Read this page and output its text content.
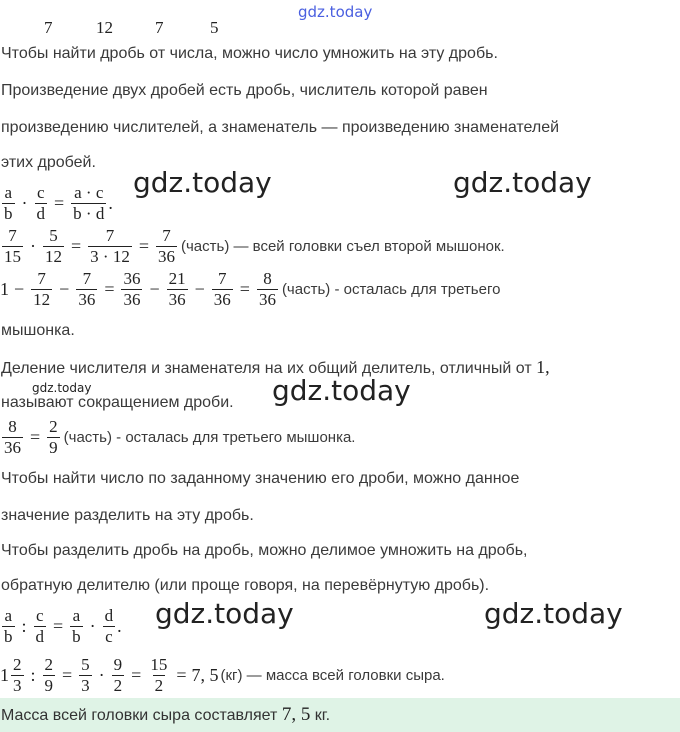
gdz.today
gdz.today	gdz.today
gdz.today	gdz.today
gdz.today	gdz.today
7	12 7	5
Чтобы найти дробь от числа, можно число умножить на эту дробь.
Произведение двух дробей есть дробь, числитель которой равен
произведению числителей, а знаменатель — произведению знаменателей
этих дробей.
$\frac{a}{b} \cdot \frac{c}{d} = \frac{a \cdot c}{b \cdot d}$ .
$\frac{7}{15} \cdot \frac{5}{12} = \frac{7}{3 \cdot 12} = \frac{7}{36}$ (часть) — всей головки съел второй мышонок.
$1 - \frac{7}{12} - \frac{7}{36} = \frac{36}{36} - \frac{21}{36} - \frac{7}{36} = \frac{8}{36}$ (часть) - осталась для третьего
мышонка.
Деление числителя и знаменателя на их общий делитель, отличный от 1,
называют сокращением дроби.
$\frac{8}{36} = \frac{2}{9}$ (часть) - осталась для третьего мышонка.
Чтобы найти число по заданному значению его дроби, можно данное
значение разделить на эту дробь.
Чтобы разделить дробь на дробь, можно делимое умножить на дробь,
обратную делителю (или проще говоря, на перевёрнутую дробь).
$\frac{a}{b}$ : $\frac{c}{d} = \frac{a}{b} \cdot \frac{d}{c}$ .
$1 \frac{2}{3}$ : $\frac{2}{9} = \frac{5}{3} \cdot \frac{9}{2} = \frac{15}{2} = 7$, 5 (кг) — масса всей головки сыра.
Масса всей головки сыра составляет 7, 5 кг.
